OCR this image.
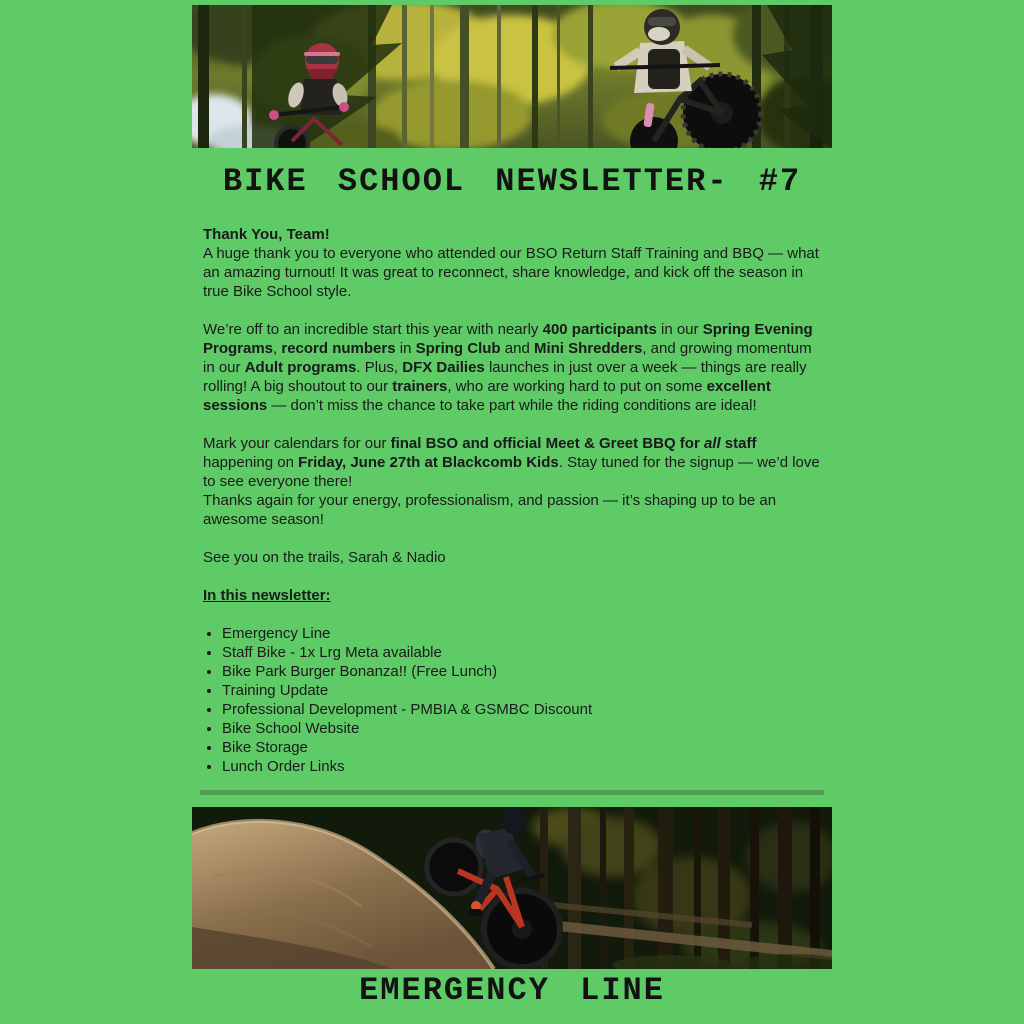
BIKE SCHOOL NEWSLETTER- #7

Thank You, Team!
A huge thank you to everyone who attended our BSO Return Staff Training and BBQ — what an amazing turnout! It was great to reconnect, share knowledge, and kick off the season in true Bike School style.

We’re off to an incredible start this year with nearly 400 participants in our Spring Evening Programs, record numbers in Spring Club and Mini Shredders, and growing momentum in our Adult programs. Plus, DFX Dailies launches in just over a week — things are really rolling! A big shoutout to our trainers, who are working hard to put on some excellent sessions — don’t miss the chance to take part while the riding conditions are ideal!

Mark your calendars for our final BSO and official Meet & Greet BBQ for all staff happening on Friday, June 27th at Blackcomb Kids. Stay tuned for the signup — we’d love to see everyone there!
Thanks again for your energy, professionalism, and passion — it’s shaping up to be an awesome season!

See you on the trails, Sarah & Nadio

In this newsletter:

• Emergency Line
• Staff Bike - 1x Lrg Meta available
• Bike Park Burger Bonanza!! (Free Lunch)
• Training Update
• Professional Development - PMBIA & GSMBC Discount
• Bike School Website
• Bike Storage
• Lunch Order Links
EMERGENCY LINE
